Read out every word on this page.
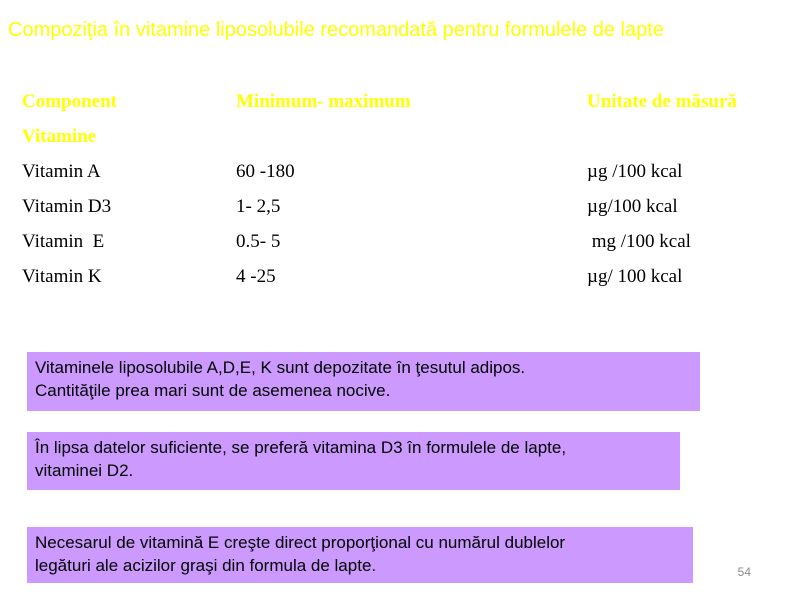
Compoziţia în vitamine liposolubile recomandată pentru formulele de lapte
Component	Minimum- maximum	Unitate de măsură
Vitamine		
Vitamin A	60 -180	µg /100 kcal
Vitamin D3	1- 2,5	µg/100 kcal
Vitamin  E	0.5- 5	mg /100 kcal
Vitamin K	4 -25	µg/ 100 kcal
Vitaminele liposolubile A,D,E, K sunt depozitate în ţesutul adipos.
Cantităţile prea mari sunt de asemenea nocive.
În lipsa datelor suficiente, se preferă vitamina D3 în formulele de lapte,
vitaminei D2.
Necesarul de vitamină E creşte direct proporţional cu numărul dublelor
legături ale acizilor graşi din formula de lapte.	54
